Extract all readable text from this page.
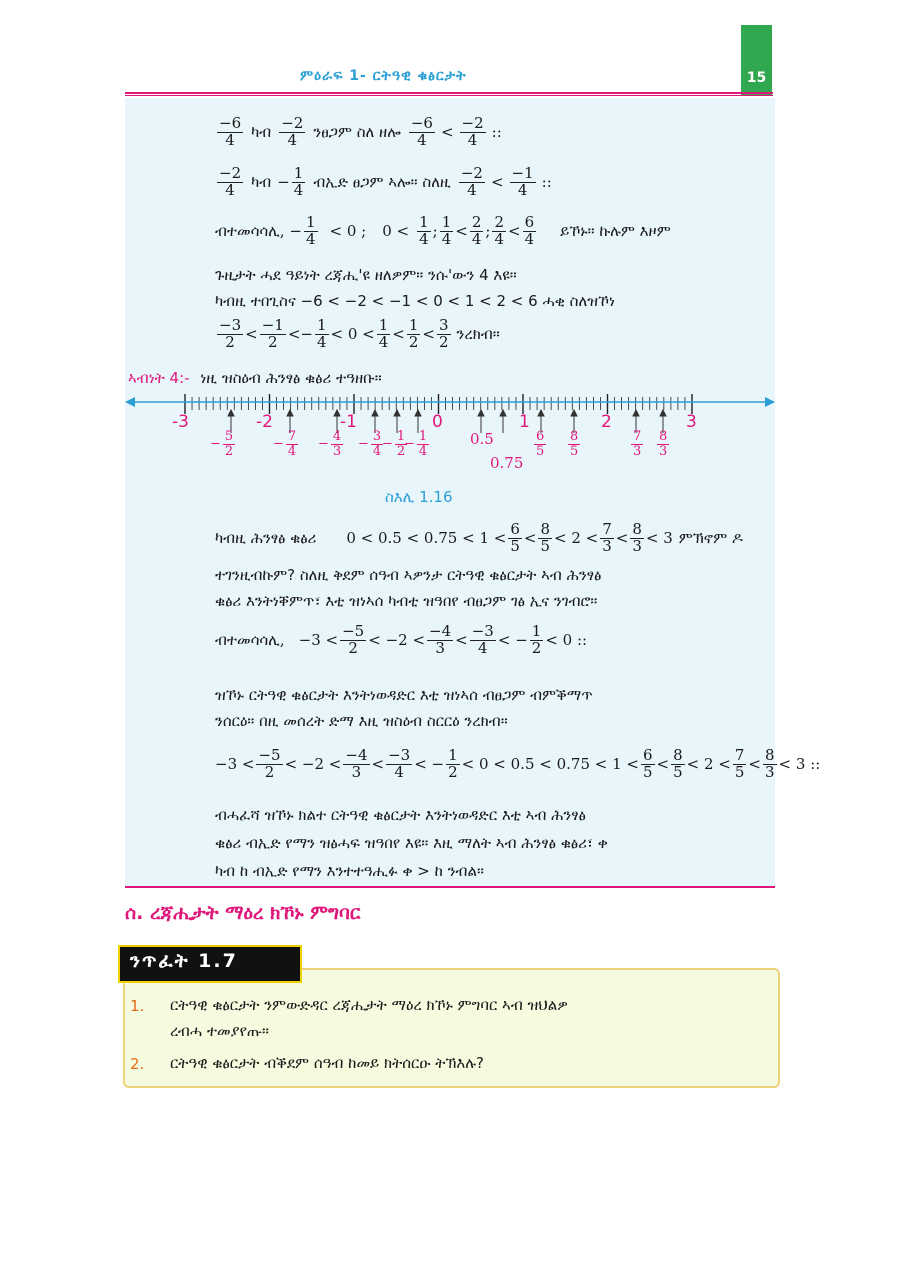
15
ምዕራፍ 1- ርትዓዊ ቁፅርታት
$\frac{-6}{4}$ ካብ $\frac{-2}{4}$ ንፀጋም ስለ ዘሎ $\frac{-6}{4} < \frac{-2}{4}$ ::
$\frac{-2}{4}$ ካብ − $\frac{1}{4}$ ብኢድ ፀጋም ኣሎ። ስለዚ $\frac{-2}{4} < \frac{-1}{4}$ ::
ብተመሳሳሊ , − $\frac{1}{4} < 0$ ; $0 < \frac{1}{4}$ ; $\frac{1}{4} < \frac{2}{4}$ ; $\frac{2}{4} < \frac{6}{4}$ ይኾኑ። ኩሉም እዞም
ጉዚታት ሓደ ዓይነት ረጃሒ'ዩ ዘለዎም። ንሱ'ውን 4 እዩ።
ካብዚ ተበጊስና −6 < −2 < −1 < 0 < 1 < 2 < 6 ሓቂ ስለዝኾነ
$\frac{-3}{2} < \frac{-1}{2} <- \frac{1}{4} < 0 < \frac{1}{4} < \frac{1}{2} < \frac{3}{2}$ ንረክብ።
ኣብነት 4:- ነዚ ዝስዕብ ሕንፃፅ ቁፅሪ ተዓዘቡ።
-3	-2	-1	0	1	2	3
− $\frac{5}{2}$	− $\frac{7}{4} - \frac{4}{3} - \frac{3}{4}$
− $\frac{1}{2}$
− $\frac{1}{4}$	0.5
0.75
$\frac{6}{5} \frac{8}{5}$	$\frac{7}{3} \frac{8}{3}$
ስእሊ 1.16
ካብዚ ሕንፃፅ ቁፅሪ $0 < 0.5 < 0.75 < 1 < \frac{6}{5} < \frac{8}{5} < 2 < \frac{7}{3} < \frac{8}{3} < 3$ ምኽኖም ዶ
ተገንዚብኩም? ስለዚ ቅደም ሰዓብ ኣዎንታ ርትዓዊ ቁፅርታት ኣብ ሕንፃፅ
ቁፅሪ እንትነቐምጥ፣ እቲ ዝነኣሰ ካብቲ ዝዓበየ ብፀጋም ገፅ ኢና ንገብሮ።
ብተመሳሳሊ , $-3 < \frac{-5}{2} < -2 < \frac{-4}{3} < \frac{-3}{4}$ < − $\frac{1}{2} < 0$ ::
ዝኾኑ ርትዓዊ ቁፅርታት እንትነወዳድር እቲ ዝነኣሰ ብፀጋም ብምቕማጥ
ንሰርዕ። በዚ መሰረት ድማ እዚ ዝስዕብ ስርርዕ ንረክብ።
$-3 < \frac{-5}{2} < -2 < \frac{-4}{3} < \frac{-3}{4}$ < − $\frac{1}{2} < 0 < 0.5 < 0.75 < 1 < \frac{6}{5} < \frac{8}{5} < 2 < \frac{7}{5} < \frac{8}{3} < 3$ ::
ብሓፈሻ ዝኾኑ ክልተ ርትዓዊ ቁፅርታት እንትነወዳድር እቲ ኣብ ሕንፃፅ
ቁፅሪ ብኢድ የማን ዝፅሓፍ ዝዓበየ እዩ። እዚ ማለት ኣብ ሕንፃፅ ቁፅሪ፣ ቀ
ካብ ከ ብኢድ የማን እንተተዓሒፉ ቀ > ከ ንብል።
ሰ. ረጃሒታት ማዕረ ክኾኑ ምግባር
ንጥፈት 1.7
1. ርትዓዊ ቁፅርታት ንምውድዳር ረጃሒታት ማዕረ ክኾኑ ምግባር ኣብ ዝህልዎ
ረብሓ ተመያየጡ።
2. ርትዓዊ ቁፅርታት ብቕደም ሰዓብ ከመይ ክትሰርዑ ትኽእሉ?
